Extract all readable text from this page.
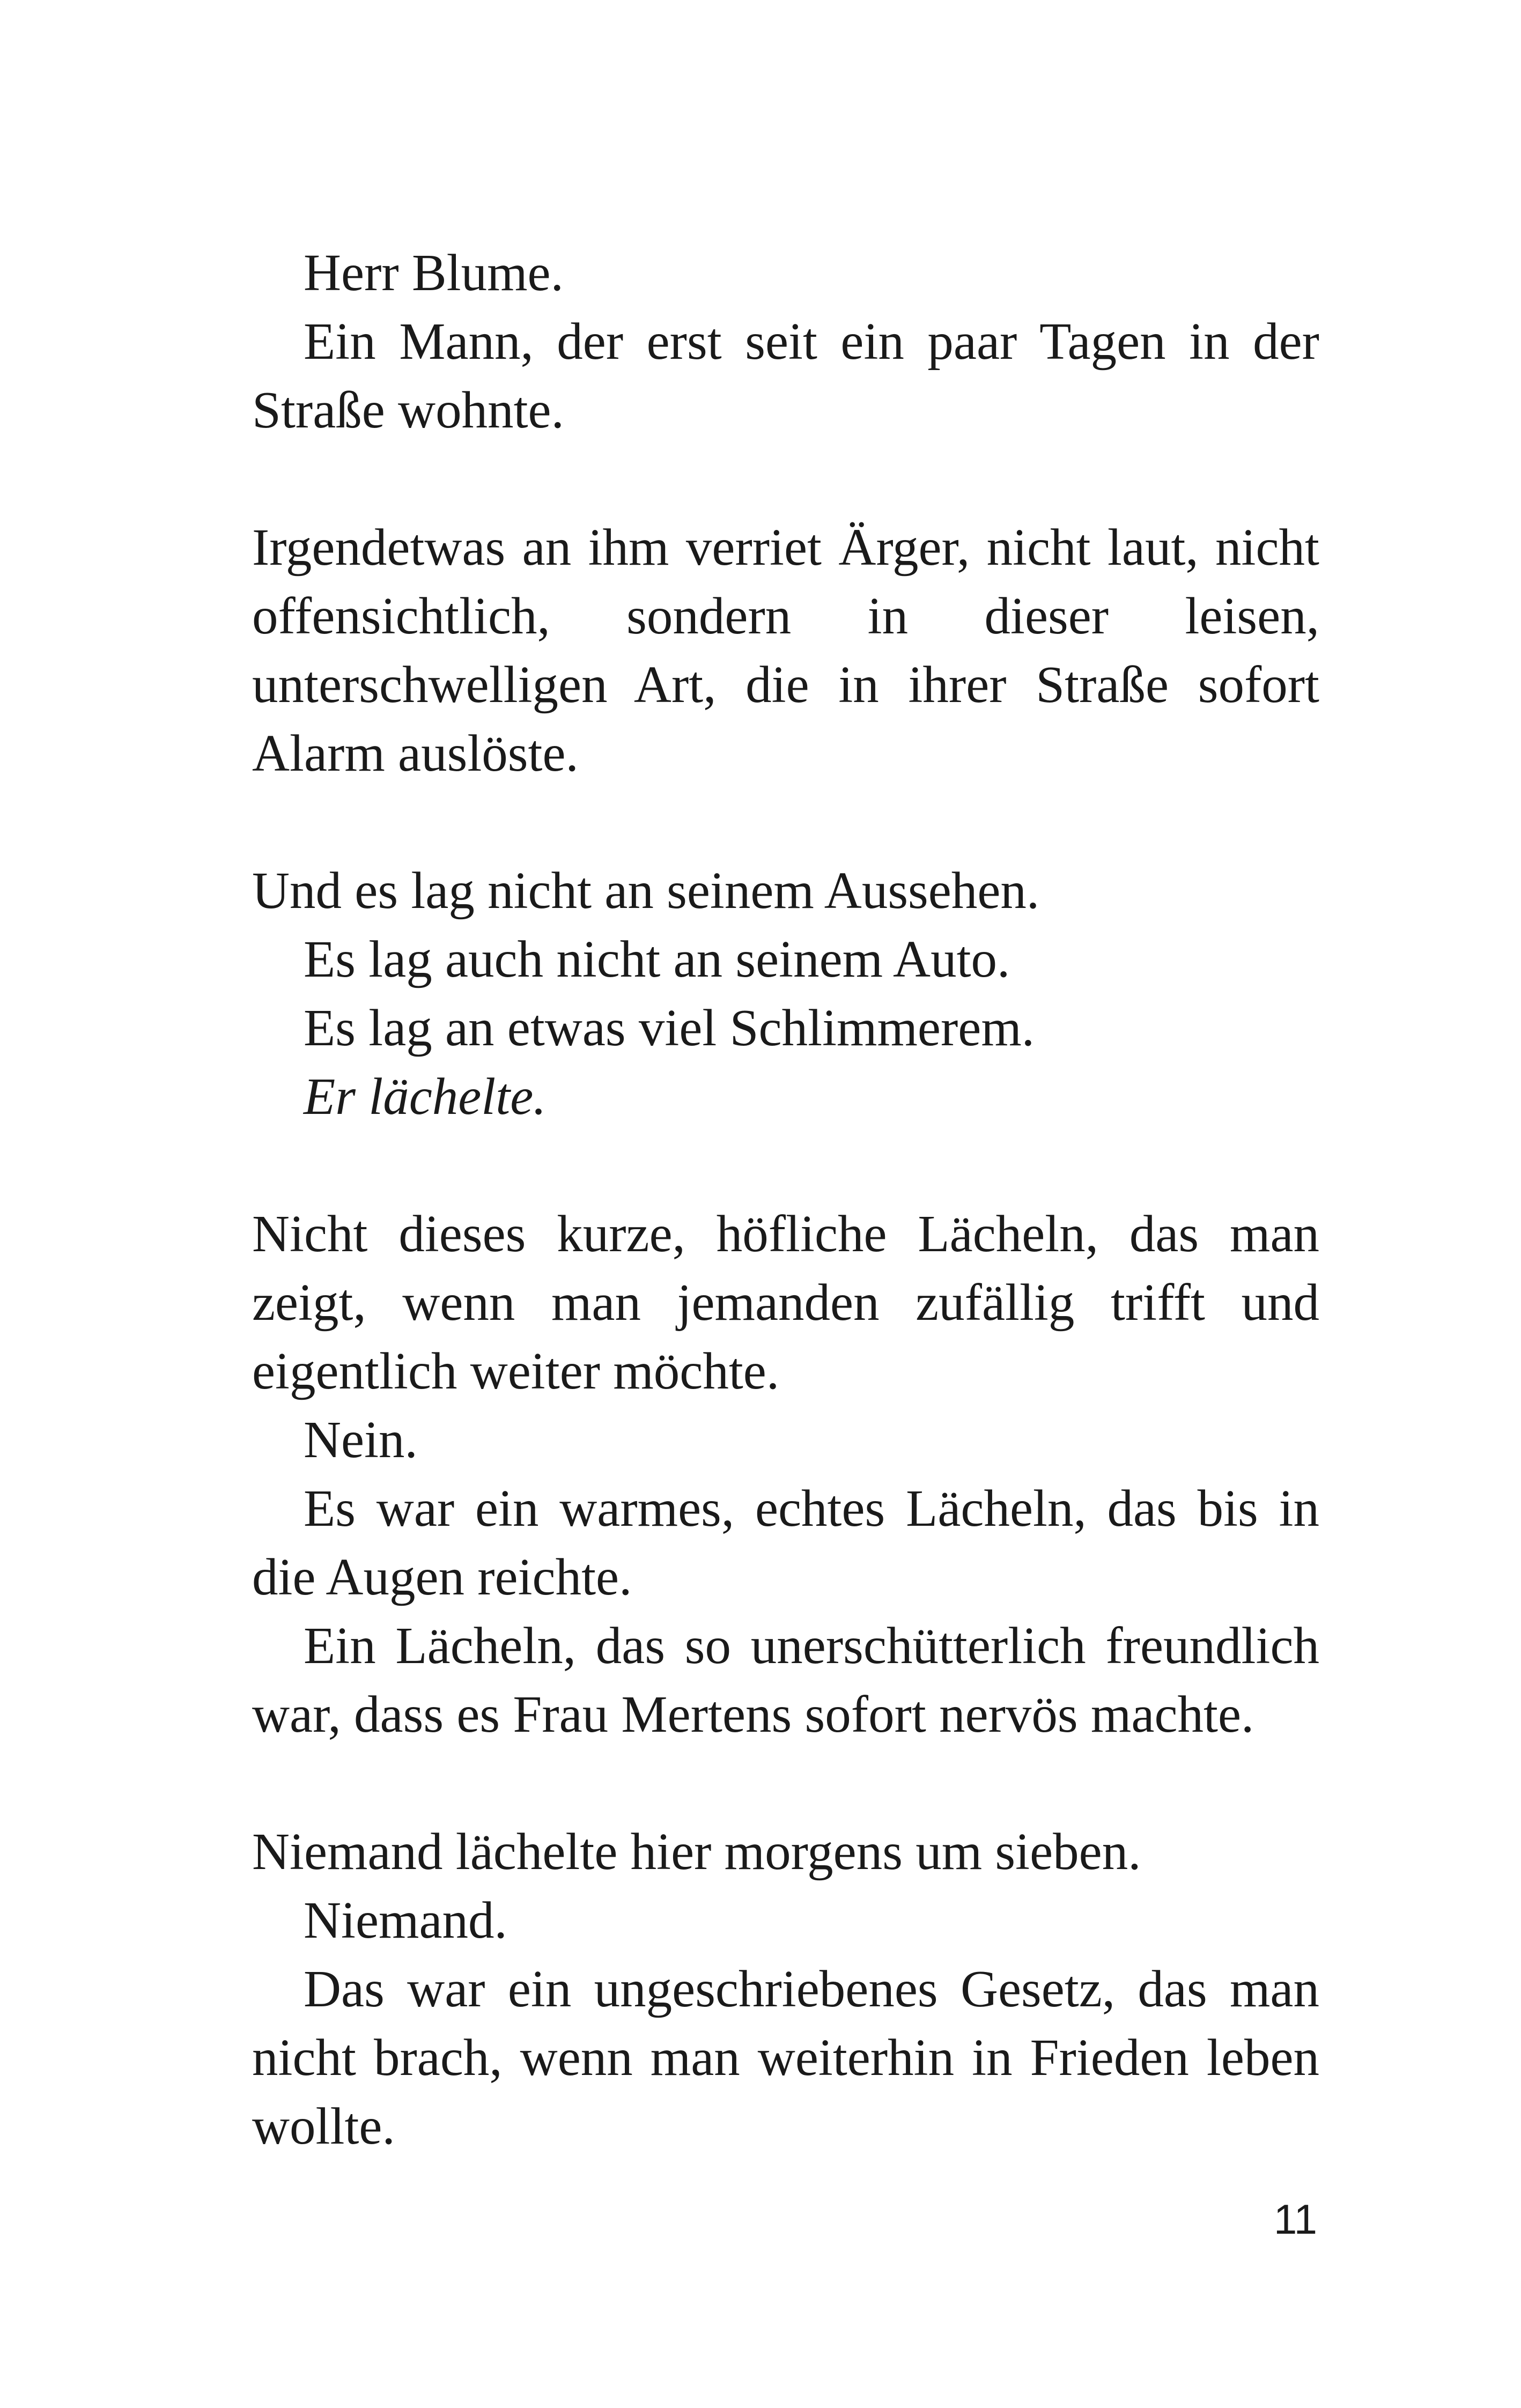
Herr Blume.

Ein Mann, der erst seit ein paar Tagen in der Straße wohnte.

Irgendetwas an ihm verriet Ärger, nicht laut, nicht offensichtlich, sondern in dieser leisen, unterschwelligen Art, die in ihrer Straße sofort Alarm auslöste.

Und es lag nicht an seinem Aussehen.

Es lag auch nicht an seinem Auto.

Es lag an etwas viel Schlimmerem.

Er lächelte.

Nicht dieses kurze, höfliche Lächeln, das man zeigt, wenn man jemanden zufällig trifft und eigentlich weiter möchte.

Nein.

Es war ein warmes, echtes Lächeln, das bis in die Augen reichte.

Ein Lächeln, das so unerschütterlich freundlich war, dass es Frau Mertens sofort nervös machte.

Niemand lächelte hier morgens um sieben.

Niemand.

Das war ein ungeschriebenes Gesetz, das man nicht brach, wenn man weiterhin in Frieden leben wollte.

11
